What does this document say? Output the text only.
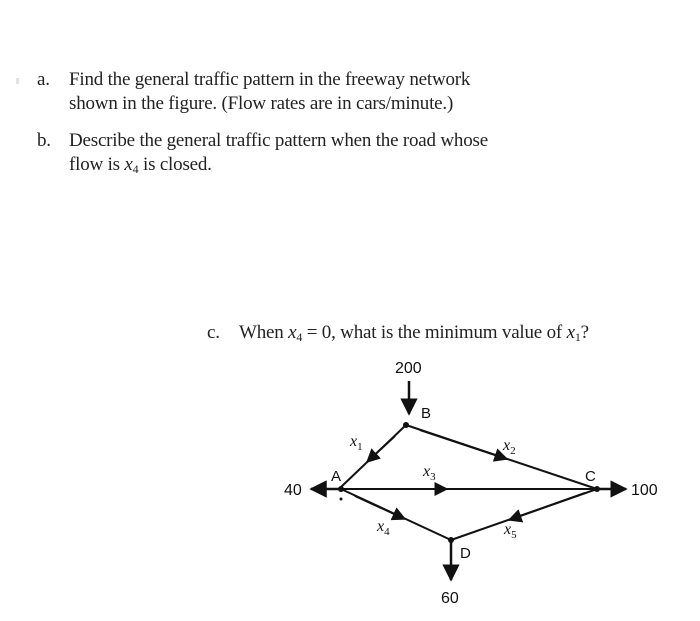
a. Find the general traffic pattern in the freeway network
shown in the figure. (Flow rates are in cars/minute.)
b. Describe the general traffic pattern when the road whose
flow is $x_4$ is closed.
c. When $x_4 = 0$, what is the minimum value of $x_1$?
B
A	C
D
200
40	100
60
$x_1$	$x_2$
$x_3$
$x_4$	$x_5$
